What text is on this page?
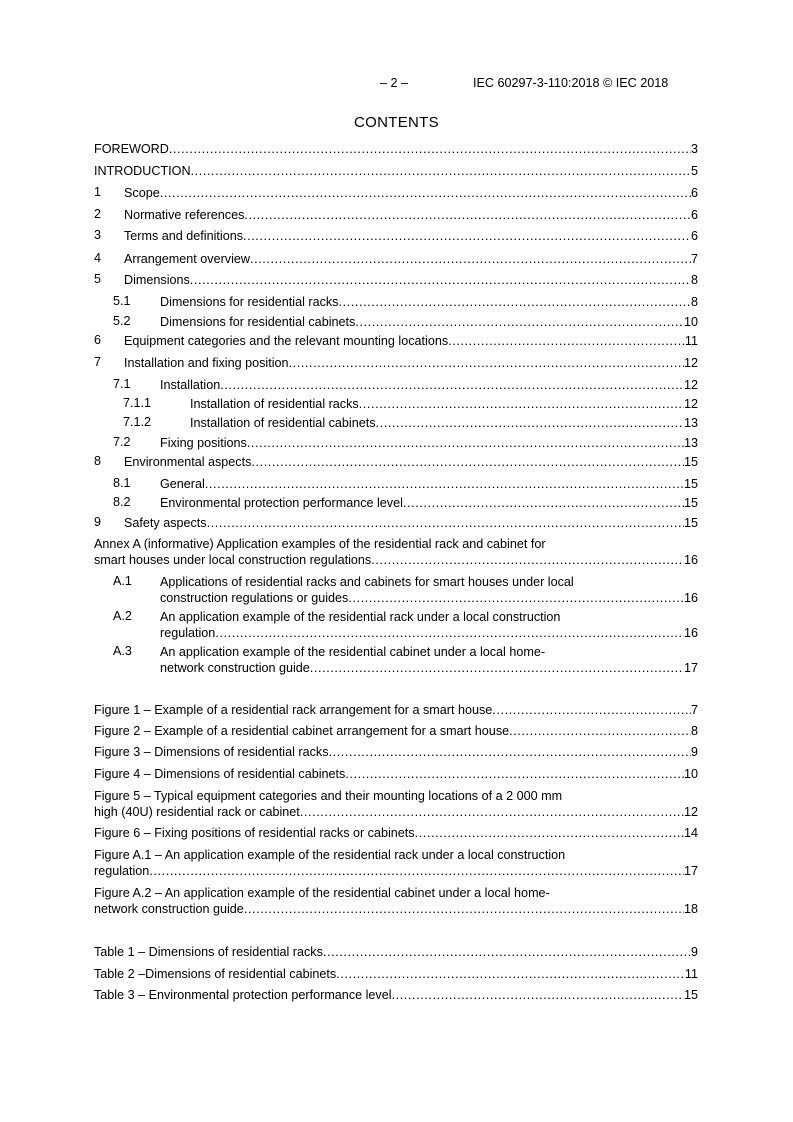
– 2 –	IEC 60297-3-110:2018 © IEC 2018
CONTENTS
FOREWORD .....	3
INTRODUCTION .....	5
1 Scope .....	6
2 Normative references .....	6
3 Terms and definitions .....	6
4 Arrangement overview .....	7
5 Dimensions .....	8
5.1 Dimensions for residential racks .....	8
5.2 Dimensions for residential cabinets .....	10
6 Equipment categories and the relevant mounting locations .....	11
7 Installation and fixing position .....	12
7.1 Installation .....	12
7.1.1	Installation of residential racks .....	12
7.1.2	Installation of residential cabinets .....	13
7.2 Fixing positions .....	13
8 Environmental aspects .....	15
8.1 General .....	15
8.2 Environmental protection performance level .....	15
9 Safety aspects .....	15
Annex A (informative) Application examples of the residential rack and cabinet for
smart houses under local construction regulations .....	16
A.1	Applications of residential racks and cabinets for smart houses under local
construction regulations or guides .....	16
A.2	An application example of the residential rack under a local construction
regulation .....	16
A.3	An application example of the residential cabinet under a local home-
network construction guide .....	17
Figure 1 – Example of a residential rack arrangement for a smart house .....	7
Figure 2 – Example of a residential cabinet arrangement for a smart house .....	8
Figure 3 – Dimensions of residential racks .....	9
Figure 4 – Dimensions of residential cabinets .....	10
Figure 5 – Typical equipment categories and their mounting locations of a 2 000 mm
high (40U) residential rack or cabinet .....	12
Figure 6 – Fixing positions of residential racks or cabinets .....	14
Figure A.1 – An application example of the residential rack under a local construction
regulation .....	17
Figure A.2 – An application example of the residential cabinet under a local home-
network construction guide .....	18
Table 1 – Dimensions of residential racks .....	9
Table 2 –Dimensions of residential cabinets .....	11
Table 3 – Environmental protection performance level .....	15
